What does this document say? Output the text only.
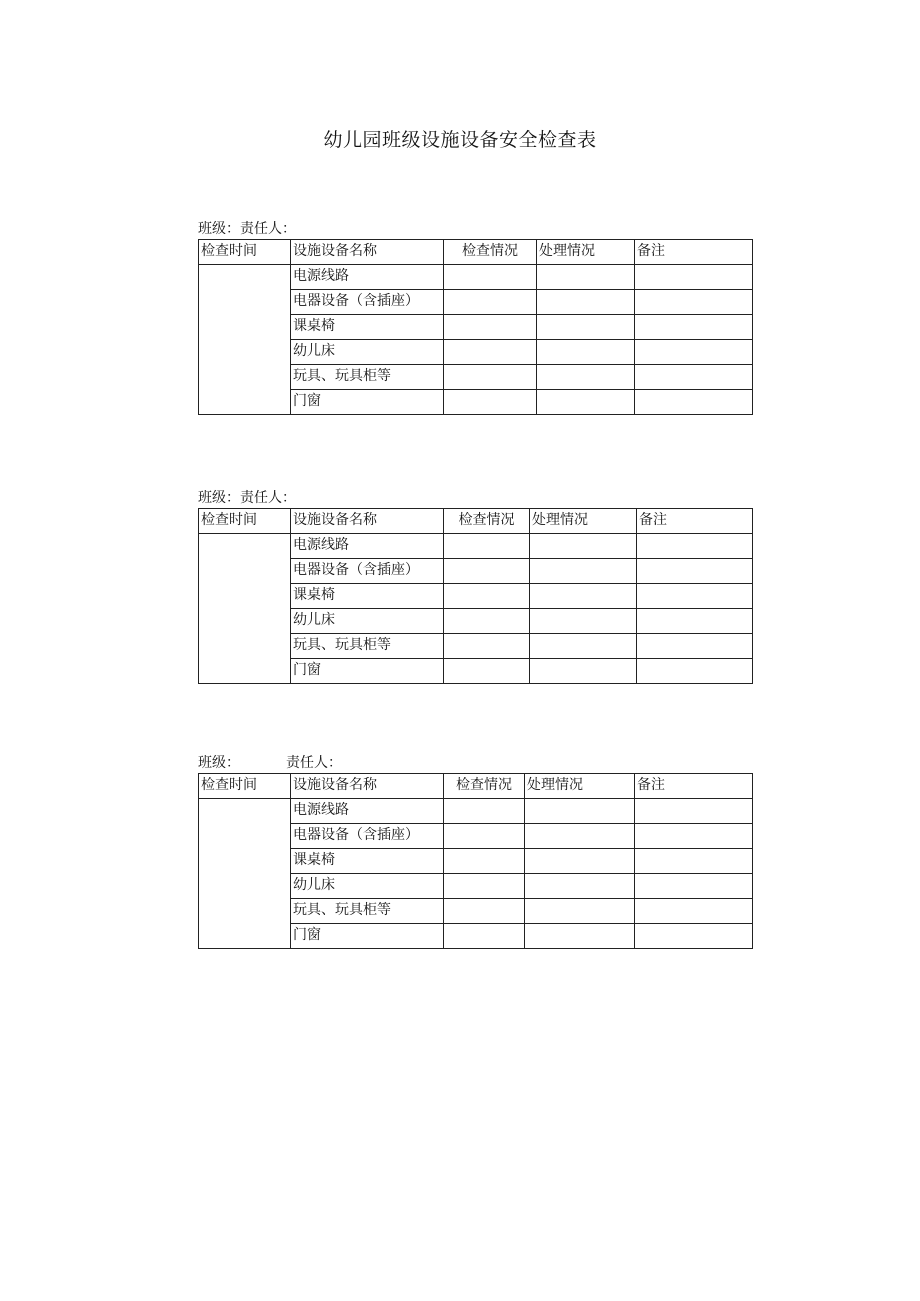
幼儿园班级设施设备安全检查表
班级：责任人：
检查时间	设施设备名称	检查情况	处理情况	备注
	电源线路			
	电器设备（含插座）			
	课桌椅			
	幼儿床			
	玩具、玩具柜等			
	门窗			
班级：责任人：
检查时间	设施设备名称	检查情况	处理情况	备注
	电源线路			
	电器设备（含插座）			
	课桌椅			
	幼儿床			
	玩具、玩具柜等			
	门窗			
班级：	责任人：
检查时间	设施设备名称	检查情况	处理情况	备注
	电源线路			
	电器设备（含插座）			
	课桌椅			
	幼儿床			
	玩具、玩具柜等			
	门窗			
